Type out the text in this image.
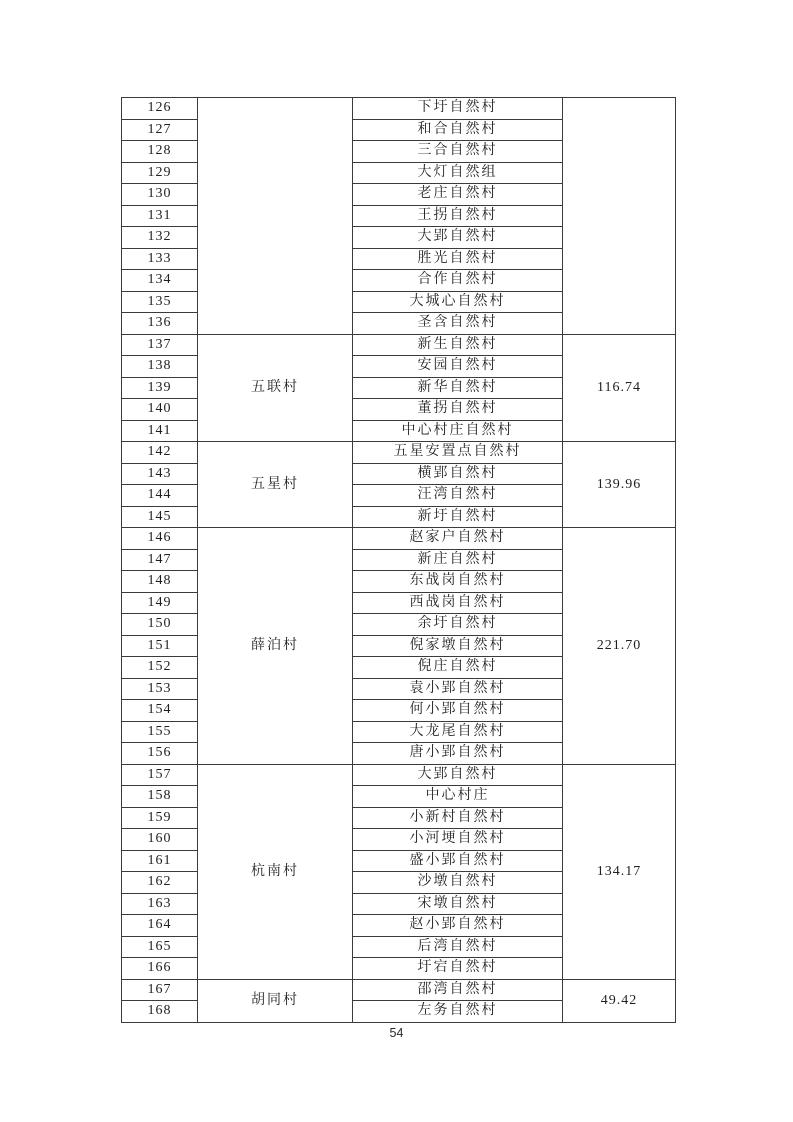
126		下圩自然村	
127		和合自然村	
128		三合自然村	
129		大灯自然组	
130		老庄自然村	
131		王拐自然村	
132		大郢自然村	
133		胜光自然村	
134		合作自然村	
135		大城心自然村	
136		圣含自然村	
137	五联村	新生自然村	116.74
138		安园自然村	
139		新华自然村	
140		董拐自然村	
141		中心村庄自然村	
142	五星村	五星安置点自然村	139.96
143		横郢自然村	
144		汪湾自然村	
145		新圩自然村	
146	薛泊村	赵家户自然村	221.70
147		新庄自然村	
148		东战岗自然村	
149		西战岗自然村	
150		余圩自然村	
151		倪家墩自然村	
152		倪庄自然村	
153		袁小郢自然村	
154		何小郢自然村	
155		大龙尾自然村	
156		唐小郢自然村	
157	杭南村	大郢自然村	134.17
158		中心村庄	
159		小新村自然村	
160		小河埂自然村	
161		盛小郢自然村	
162		沙墩自然村	
163		宋墩自然村	
164		赵小郢自然村	
165		后湾自然村	
166		圩宕自然村	
167	胡同村	邵湾自然村	49.42
168		左务自然村	
54
